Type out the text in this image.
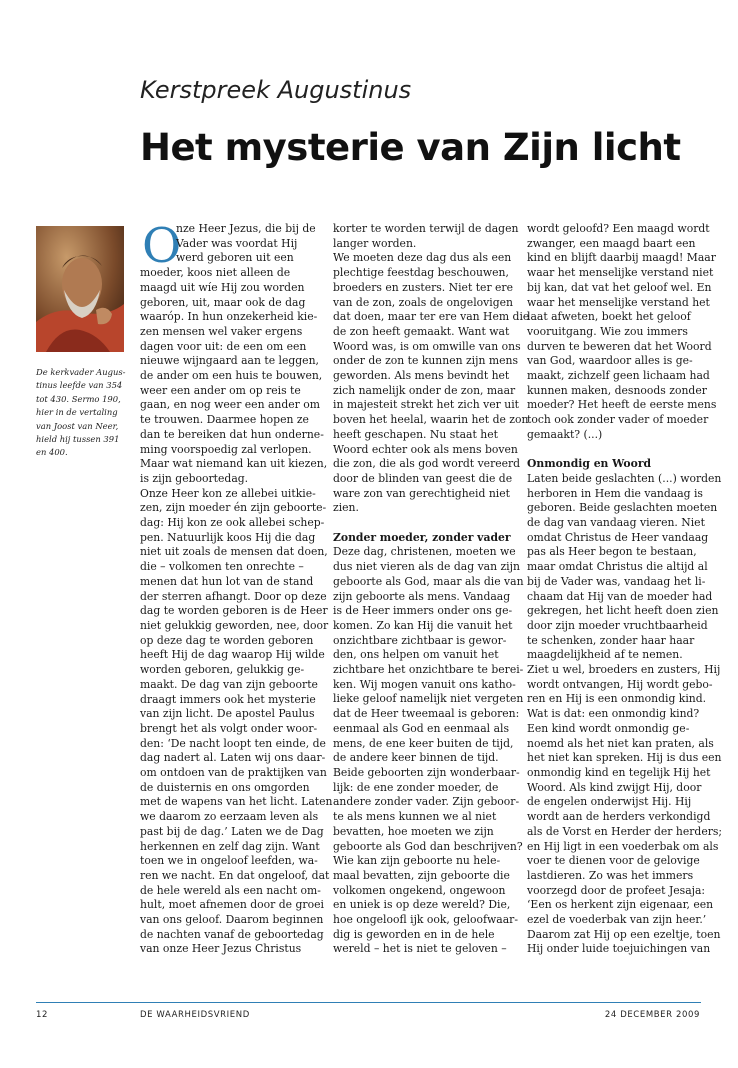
Kerstpreek Augustinus
Het mysterie van Zijn licht
De kerkvader Augus-
tinus leefde van 354
tot 430. Sermo 190,
hier in de vertaling
van Joost van Neer,
hield hij tussen 391
en 400.
O

nze Heer Jezus, die bij de

Vader was voordat Hij

werd geboren uit een

moeder, koos niet alleen de

maagd uit wíe Hij zou worden

geboren, uit, maar ook de dag

waaróp. In hun onzekerheid kie-

zen mensen wel vaker ergens

dagen voor uit: de een om een

nieuwe wijngaard aan te leggen,

de ander om een huis te bouwen,

weer een ander om op reis te

gaan, en nog weer een ander om

te trouwen. Daarmee hopen ze

dan te bereiken dat hun onderne-

ming voorspoedig zal verlopen.

Maar wat niemand kan uit kiezen,

is zijn geboortedag.

Onze Heer kon ze allebei uitkie-

zen, zijn moeder én zijn geboorte-

dag: Hij kon ze ook allebei schep-

pen. Natuurlijk koos Hij die dag

niet uit zoals de mensen dat doen,

die – volkomen ten onrechte –

menen dat hun lot van de stand

der sterren afhangt. Door op deze

dag te worden geboren is de Heer

niet gelukkig geworden, nee, door

op deze dag te worden geboren

heeft Hij de dag waarop Hij wilde

worden geboren, gelukkig ge-

maakt. De dag van zijn geboorte

draagt immers ook het mysterie

van zijn licht. De apostel Paulus

brengt het als volgt onder woor-

den: ‘De nacht loopt ten einde, de

dag nadert al. Laten wij ons daar-

om ontdoen van de praktijken van

de duisternis en ons omgorden

met de wapens van het licht. Laten

we daarom zo eerzaam leven als

past bij de dag.’ Laten we de Dag

herkennen en zelf dag zijn. Want

toen we in ongeloof leefden, wa-

ren we nacht. En dat ongeloof, dat

de hele wereld als een nacht om-

hult, moet afnemen door de groei

van ons geloof. Daarom beginnen

de nachten vanaf de geboortedag

van onze Heer Jezus Christus

korter te worden terwijl de dagen

langer worden.

We moeten deze dag dus als een

plechtige feestdag beschouwen,

broeders en zusters. Niet ter ere

van de zon, zoals de ongelovigen

dat doen, maar ter ere van Hem die

de zon heeft gemaakt. Want wat

Woord was, is om omwille van ons

onder de zon te kunnen zijn mens

geworden. Als mens bevindt het

zich namelijk onder de zon, maar

in majesteit strekt het zich ver uit

boven het heelal, waarin het de zon

heeft geschapen. Nu staat het

Woord echter ook als mens boven

die zon, die als god wordt vereerd

door de blinden van geest die de

ware zon van gerechtigheid niet

zien.

Zonder moeder, zonder vader

Deze dag, christenen, moeten we

dus niet vieren als de dag van zijn

geboorte als God, maar als die van

zijn geboorte als mens. Vandaag

is de Heer immers onder ons ge-

komen. Zo kan Hij die vanuit het

onzichtbare zichtbaar is gewor-

den, ons helpen om vanuit het

zichtbare het onzichtbare te berei-

ken. Wij mogen vanuit ons katho-

lieke geloof namelijk niet vergeten

dat de Heer tweemaal is geboren:

eenmaal als God en eenmaal als

mens, de ene keer buiten de tijd,

de andere keer binnen de tijd.

Beide geboorten zijn wonderbaar-

lijk: de ene zonder moeder, de

andere zonder vader. Zijn geboor-

te als mens kunnen we al niet

bevatten, hoe moeten we zijn

geboorte als God dan beschrijven?

Wie kan zijn geboorte nu hele-

maal bevatten, zijn geboorte die

volkomen ongekend, ongewoon

en uniek is op deze wereld? Die,

hoe ongeloofl ijk ook, geloofwaar-

dig is geworden en in de hele

wereld – het is niet te geloven –

wordt geloofd? Een maagd wordt

zwanger, een maagd baart een

kind en blijft daarbij maagd! Maar

waar het menselijke verstand niet

bij kan, dat vat het geloof wel. En

waar het menselijke verstand het

laat afweten, boekt het geloof

vooruitgang. Wie zou immers

durven te beweren dat het Woord

van God, waardoor alles is ge-

maakt, zichzelf geen lichaam had

kunnen maken, desnoods zonder

moeder? Het heeft de eerste mens

toch ook zonder vader of moeder

gemaakt? (...)

Onmondig en Woord

Laten beide geslachten (...) worden

herboren in Hem die vandaag is

geboren. Beide geslachten moeten

de dag van vandaag vieren. Niet

omdat Christus de Heer vandaag

pas als Heer begon te bestaan,

maar omdat Christus die altijd al

bij de Vader was, vandaag het li-

chaam dat Hij van de moeder had

gekregen, het licht heeft doen zien

door zijn moeder vruchtbaarheid

te schenken, zonder haar haar

maagdelijkheid af te nemen.

Ziet u wel, broeders en zusters, Hij

wordt ontvangen, Hij wordt gebo-

ren en Hij is een onmondig kind.

Wat is dat: een onmondig kind?

Een kind wordt onmondig ge-

noemd als het niet kan praten, als

het niet kan spreken. Hij is dus een

onmondig kind en tegelijk Hij het

Woord. Als kind zwijgt Hij, door

de engelen onderwijst Hij. Hij

wordt aan de herders verkondigd

als de Vorst en Herder der herders;

en Hij ligt in een voederbak om als

voer te dienen voor de gelovige

lastdieren. Zo was het immers

voorzegd door de profeet Jesaja:

‘Een os herkent zijn eigenaar, een

ezel de voederbak van zijn heer.’

Daarom zat Hij op een ezeltje, toen

Hij onder luide toejuichingen van

12	DE WAARHEIDSVRIEND	24 DECEMBER 2009
